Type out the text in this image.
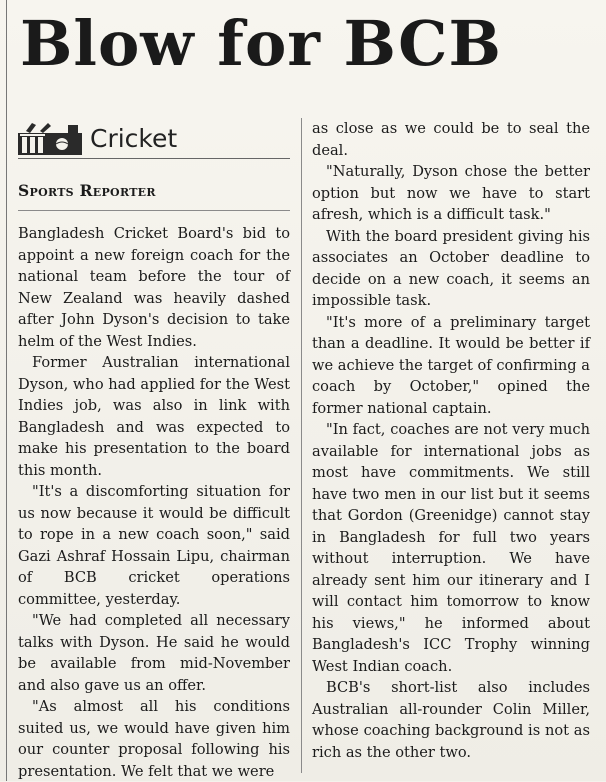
Blow for BCB
Cricket
Sports Reporter

Bangladesh Cricket Board's bid to appoint a new foreign coach for the national team before the tour of New Zealand was heavily dashed after John Dyson's decision to take helm of the West Indies.

Former Australian international Dyson, who had applied for the West Indies job, was also in link with Bangladesh and was expected to make his presentation to the board this month.

"It's a discomforting situation for us now because it would be difficult to rope in a new coach soon," said Gazi Ashraf Hossain Lipu, chairman of BCB cricket operations committee, yesterday.

"We had completed all necessary talks with Dyson. He said he would be available from mid-November and also gave us an offer.

"As almost all his conditions suited us, we would have given him our counter proposal following his presentation. We felt that we were

as close as we could be to seal the deal.

"Naturally, Dyson chose the better option but now we have to start afresh, which is a difficult task."

With the board president giving his associates an October deadline to decide on a new coach, it seems an impossible task.

"It's more of a preliminary target than a deadline. It would be better if we achieve the target of confirming a coach by October," opined the former national captain.

"In fact, coaches are not very much available for international jobs as most have commitments. We still have two men in our list but it seems that Gordon (Greenidge) cannot stay in Bangladesh for full two years without interruption. We have already sent him our itinerary and I will contact him tomorrow to know his views," he informed about Bangladesh's ICC Trophy winning West Indian coach.

BCB's short-list also includes Australian all-rounder Colin Miller, whose coaching background is not as rich as the other two.
